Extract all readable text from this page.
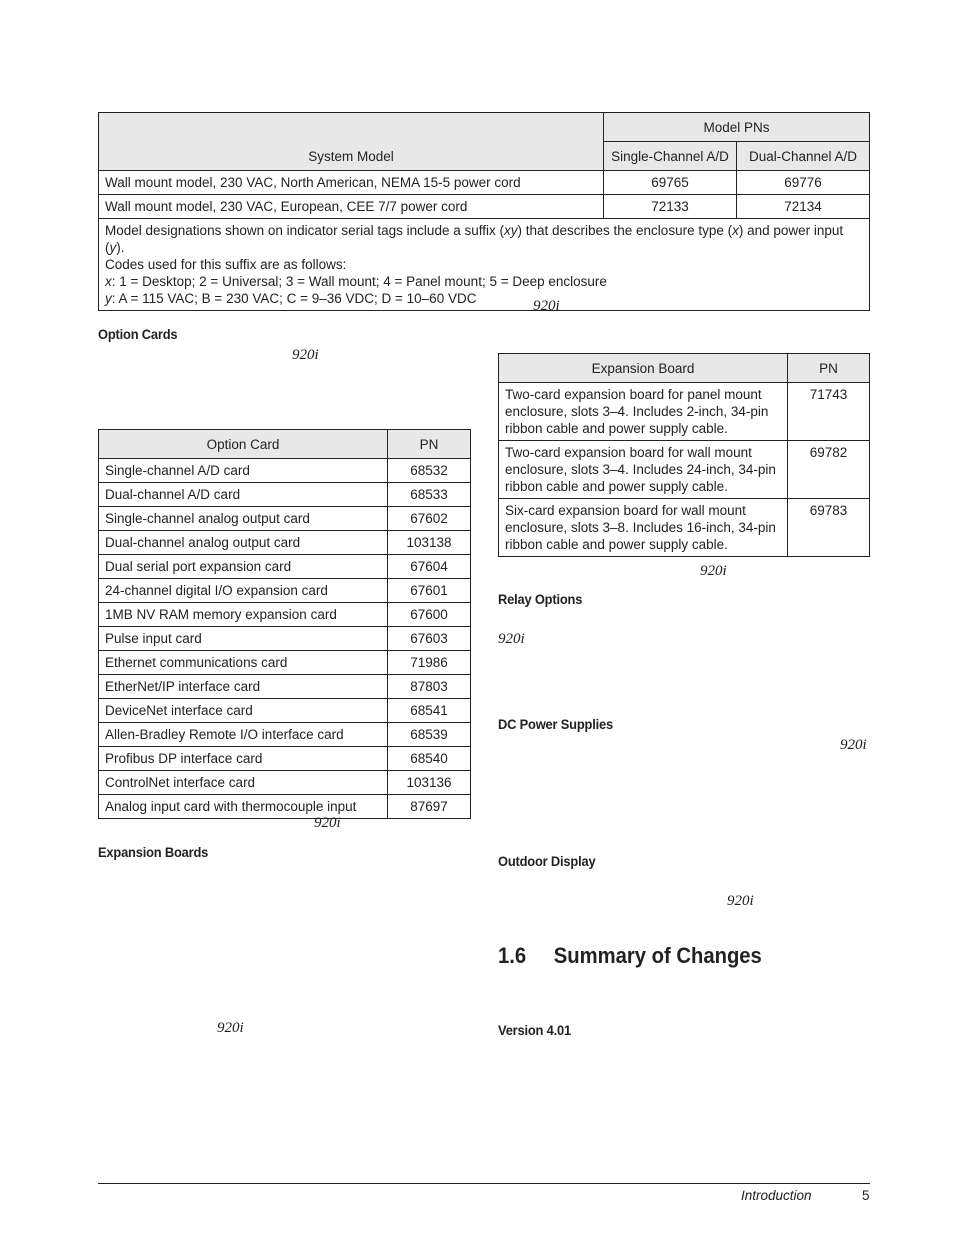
System Model	Model PNs	
	Single-Channel A/D	Dual-Channel A/D
Wall mount model, 230 VAC, North American, NEMA 15-5 power cord	69765	69776
Wall mount model, 230 VAC, European, CEE 7/7 power cord	72133	72134
Model designations shown on indicator serial tags include a suffix (xy) that describes the enclosure type (x) and power input (y).
Codes used for this suffix are as follows:
x: 1 = Desktop; 2 = Universal; 3 = Wall mount; 4 = Panel mount; 5 = Deep enclosure
y: A = 115 VAC; B = 230 VAC; C = 9–36 VDC; D = 10–60 VDC			920i
Option Cards
920i
Option Card	PN
Single-channel A/D card	68532
Dual-channel A/D card	68533
Single-channel analog output card	67602
Dual-channel analog output card	103138
Dual serial port expansion card	67604
24-channel digital I/O expansion card	67601
1MB NV RAM memory expansion card	67600
Pulse input card	67603
Ethernet communications card	71986
EtherNet/IP interface card	87803
DeviceNet interface card	68541
Allen-Bradley Remote I/O interface card	68539
Profibus DP interface card	68540
ControlNet interface card	103136
Analog input card with thermocouple input	87697
920i
Expansion Boards
920i
Expansion Board	PN
Two-card expansion board for panel mount
enclosure, slots 3–4. Includes 2-inch, 34-pin
ribbon cable and power supply cable.	71743
Two-card expansion board for wall mount
enclosure, slots 3–4. Includes 24-inch, 34-pin
ribbon cable and power supply cable.	69782
Six-card expansion board for wall mount
enclosure, slots 3–8. Includes 16-inch, 34-pin
ribbon cable and power supply cable.	69783
920i
Relay Options
920i
DC Power Supplies
920i
Outdoor Display
920i
1.6 Summary of Changes
Version 4.01
Introduction	5
